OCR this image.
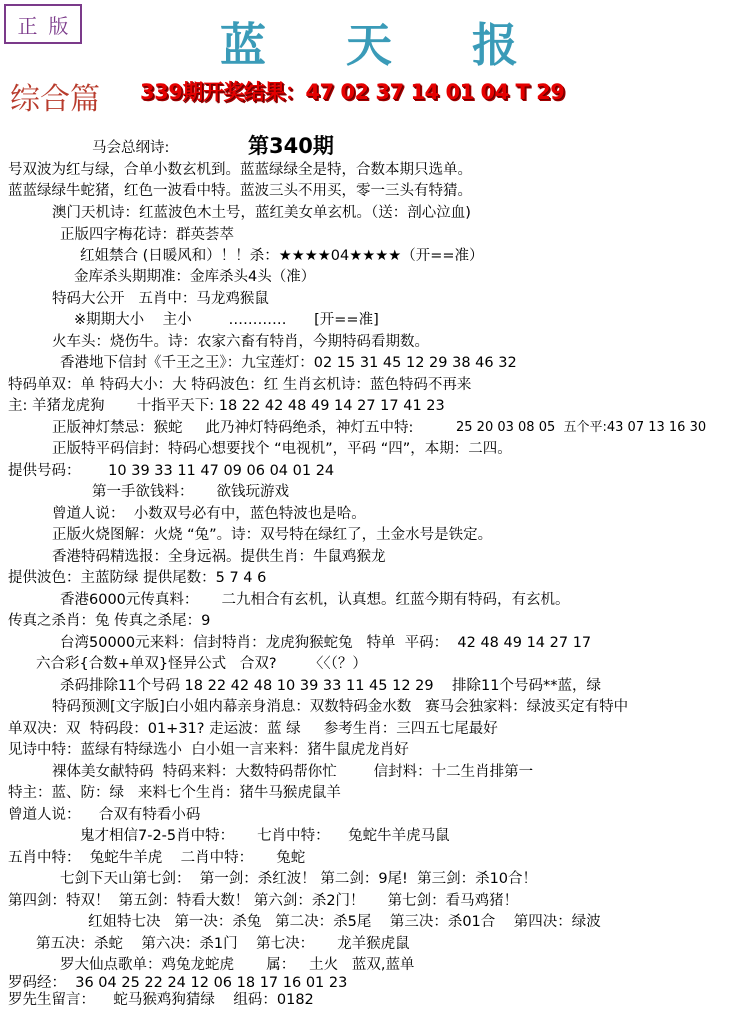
正 版	蓝 天 报
综合篇 339期开奖结果：47 02 37 14 01 04 T 29
第340期
马会总纲诗:
号双波为红与绿，合单小数玄机到。蓝蓝绿绿全是特，合数本期只选单。
蓝蓝绿绿牛蛇猪，红色一波看中特。蓝波三头不用买，零一三头有特猜。
澳门天机诗：红蓝波色木土号，蓝红美女单玄机。（送：剖心泣血)
正版四字梅花诗：群英荟萃
红姐禁合 (日暖风和）！！杀：★★★★04★★★★（开==准）
金库杀头期期准：金库杀头4头（准）
特码大公开   五肖中：马龙鸡猴鼠
※期期大小    主小        …………      [开==准]
火车头：烧伤牛。诗：农家六畜有特肖，今期特码看期数。
香港地下信封《千王之王》：九宝莲灯：02 15 31 45 12 29 38 46 32
特码单双：单 特码大小：大 特码波色：红 生肖玄机诗：蓝色特码不再来
主: 羊猪龙虎狗       十指平天下: 18 22 42 48 49 14 27 17 41 23
正版神灯禁忌：猴蛇     此乃神灯特码绝杀，神灯五中特:	25 20 03 08 05  五个平:43 07 13 16 30
正版特平码信封：特码心想要找个 “电视机”，平码 “四”，本期：二四。
提供号码：      10 39 33 11 47 09 06 04 01 24
第一手欲钱料：     欲钱玩游戏
曾道人说：  小数双号必有中，蓝色特波也是哈。
正版火烧图解：火烧 “兔”。诗：双号特在绿红了，土金水号是铁定。
香港特码精选报：全身远祸。提供生肖：牛鼠鸡猴龙
提供波色：主蓝防绿 提供尾数：5 7 4 6
香港6000元传真料：     二九相合有玄机，认真想。红蓝今期有特码，有玄机。
传真之杀肖：兔 传真之杀尾：9
台湾50000元来料：信封特肖：龙虎狗猴蛇兔   特单  平码：  42 48 49 14 27 17
六合彩{合数+单双}怪异公式   合双?       〈〈（？）
杀码排除11个号码 18 22 42 48 10 39 33 11 45 12 29    排除11个号码**蓝，绿
特码预测[文字版]白小姐内幕亲身消息：双数特码金水数   赛马会独家料：绿波买定有特中
单双决：双  特码段：01+31? 走运波：蓝 绿     参考生肖：三四五七尾最好
见诗中特：蓝绿有特绿选小  白小姐一言来料：猪牛鼠虎龙肖好
裸体美女献特码  特码来料：大数特码帮你忙        信封料：十二生肖排第一
特主：蓝、防：绿   来料七个生肖：猪牛马猴虎鼠羊
曾道人说：    合双有特看小码
鬼才相信7-2-5肖中特：     七肖中特：    兔蛇牛羊虎马鼠
五肖中特：  兔蛇牛羊虎    二肖中特：     兔蛇
七剑下天山第七剑：  第一剑：杀红波！ 第二剑：9尾!  第三剑：杀10合！
第四剑：特双！  第五剑：特看大数！ 第六剑：杀2门！     第七剑：看马鸡猪！
红姐特七决   第一决：杀兔   第二决：杀5尾    第三决：杀01合    第四决：绿波
第五决：杀蛇    第六决：杀1门    第七决：     龙羊猴虎鼠
罗大仙点歌单：鸡兔龙蛇虎       属：   土火   蓝双,蓝单
罗码经：  36 04 25 22 24 12 06 18 17 16 01 23
罗先生留言：    蛇马猴鸡狗猜绿    组码：0182
